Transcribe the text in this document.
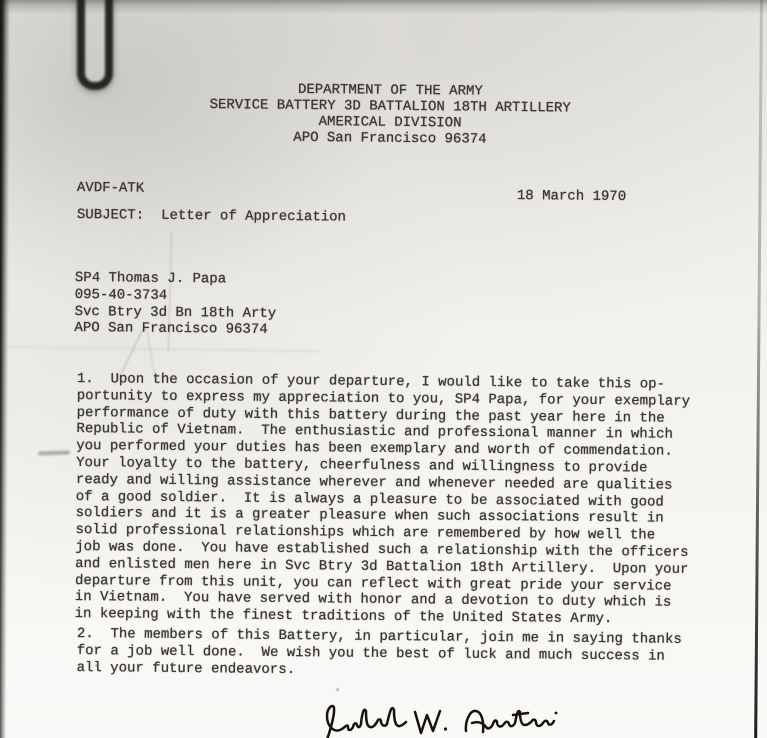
DEPARTMENT OF THE ARMY
SERVICE BATTERY 3D BATTALION 18TH ARTILLERY
AMERICAL DIVISION
APO San Francisco 96374
AVDF-ATK	18 March 1970
SUBJECT: Letter of Appreciation
SP4 Thomas J. Papa
095-40-3734
Svc Btry 3d Bn 18th Arty
APO San Francisco 96374
1.  Upon the occasion of your departure, I would like to take this op-
portunity to express my appreciation to you, SP4 Papa, for your exemplary
performance of duty with this battery during the past year here in the
Republic of Vietnam.  The enthusiastic and professional manner in which
you performed your duties has been exemplary and worth of commendation.
Your loyalty to the battery, cheerfulness and willingness to provide
ready and willing assistance wherever and whenever needed are qualities
of a good soldier.  It is always a pleasure to be associated with good
soldiers and it is a greater pleasure when such associations result in
solid professional relationships which are remembered by how well the
job was done.  You have established such a relationship with the officers
and enlisted men here in Svc Btry 3d Battalion 18th Artillery.  Upon your
departure from this unit, you can reflect with great pride your service
in Vietnam.  You have served with honor and a devotion to duty which is
in keeping with the finest traditions of the United States Army.
2.  The members of this Battery, in particular, join me in saying thanks
for a job well done.  We wish you the best of luck and much success in
all your future endeavors.
